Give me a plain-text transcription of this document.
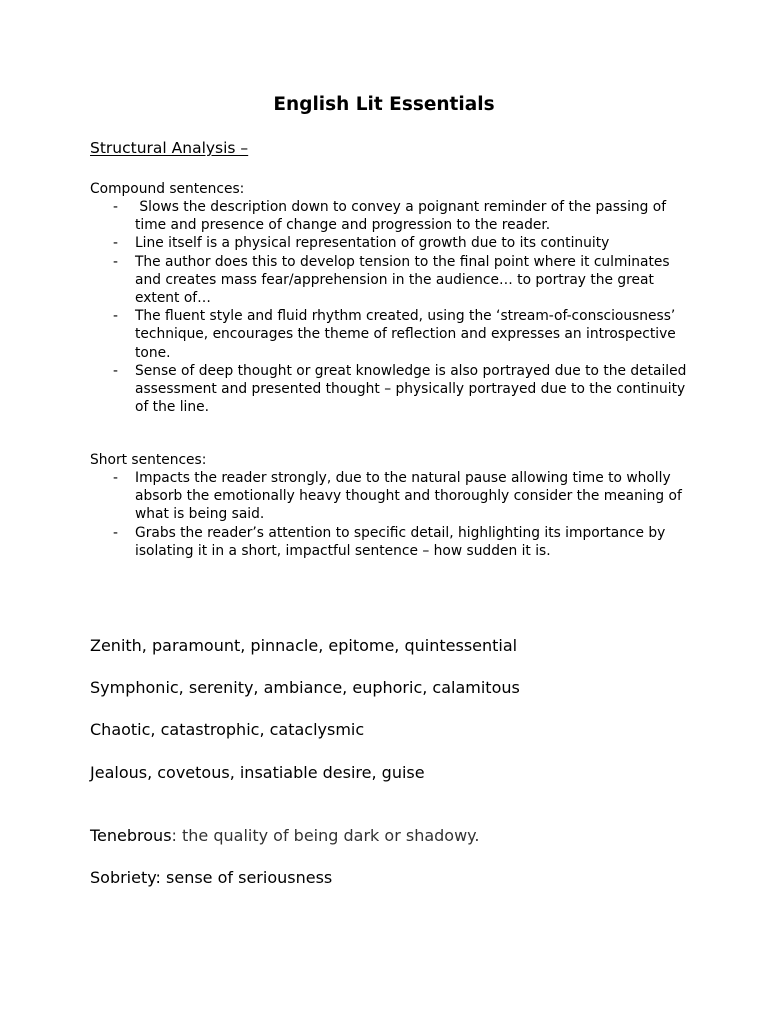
English Lit Essentials
Structural Analysis –
Compound sentences:
- Slows the description down to convey a poignant reminder of the passing of time and presence of change and progression to the reader.
- Line itself is a physical representation of growth due to its continuity
- The author does this to develop tension to the final point where it culminates and creates mass fear/apprehension in the audience… to portray the great extent of…
- The fluent style and fluid rhythm created, using the ‘stream-of-consciousness’ technique, encourages the theme of reflection and expresses an introspective tone.
- Sense of deep thought or great knowledge is also portrayed due to the detailed assessment and presented thought – physically portrayed due to the continuity of the line.
Short sentences:
- Impacts the reader strongly, due to the natural pause allowing time to wholly absorb the emotionally heavy thought and thoroughly consider the meaning of what is being said.
- Grabs the reader’s attention to specific detail, highlighting its importance by isolating it in a short, impactful sentence – how sudden it is.
Zenith, paramount, pinnacle, epitome, quintessential
Symphonic, serenity, ambiance, euphoric, calamitous
Chaotic, catastrophic, cataclysmic
Jealous, covetous, insatiable desire, guise
Tenebrous: the quality of being dark or shadowy.
Sobriety: sense of seriousness
